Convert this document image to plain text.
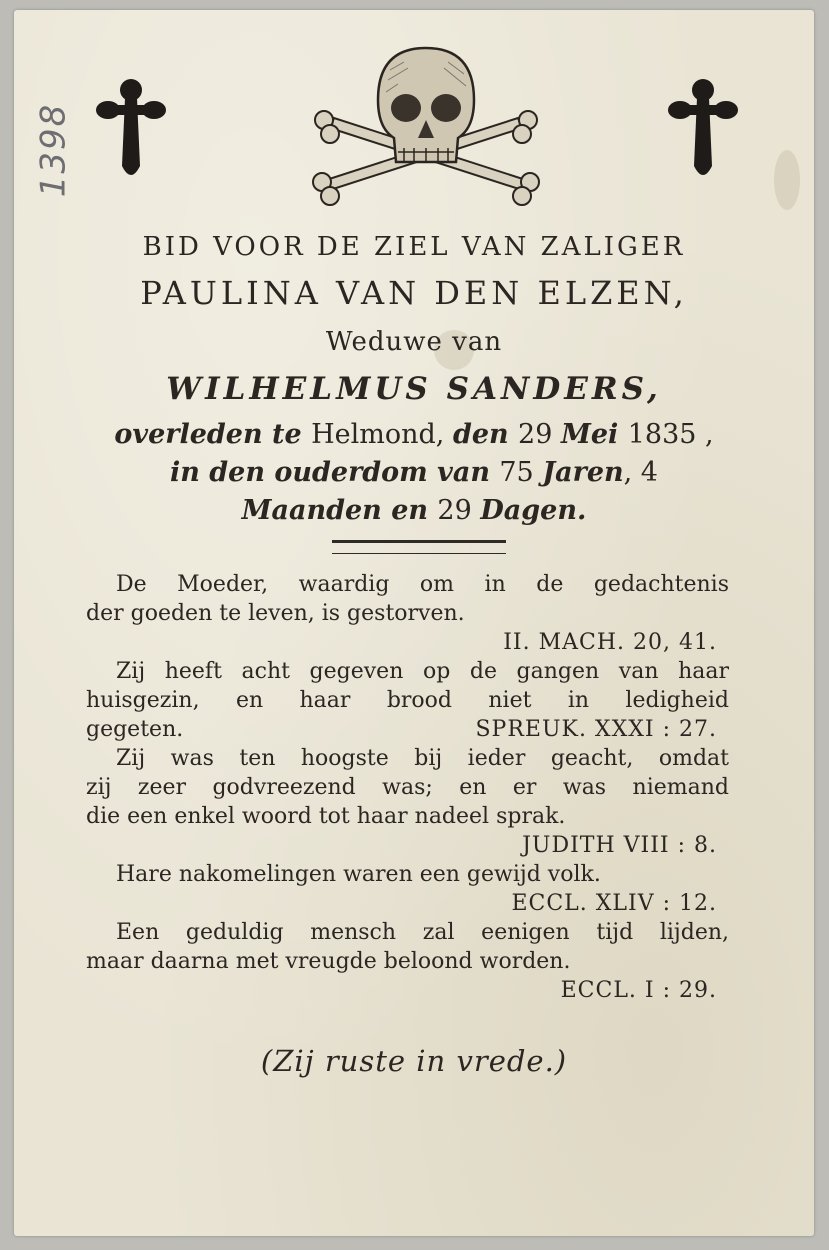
1398
BID VOOR DE ZIEL VAN ZALIGER
PAULINA VAN DEN ELZEN,
Weduwe van
WILHELMUS SANDERS,
overleden te Helmond, den 29 Mei 1835 ,
in den ouderdom van 75 Jaren, 4
Maanden en 29 Dagen.

De Moeder, waardig om in de gedachtenis

der goeden te leven, is gestorven.

II. MACH. 20, 41.

Zij heeft acht gegeven op de gangen van haar

huisgezin, en haar brood niet in ledigheid

gegeten.	SPREUK. XXXI : 27.

Zij was ten hoogste bij ieder geacht, omdat

zij zeer godvreezend was; en er was niemand

die een enkel woord tot haar nadeel sprak.

JUDITH VIII : 8.

Hare nakomelingen waren een gewijd volk.

ECCL. XLIV : 12.

Een geduldig mensch zal eenigen tijd lijden,

maar daarna met vreugde beloond worden.

ECCL. I : 29.

(Zij ruste in vrede.)
